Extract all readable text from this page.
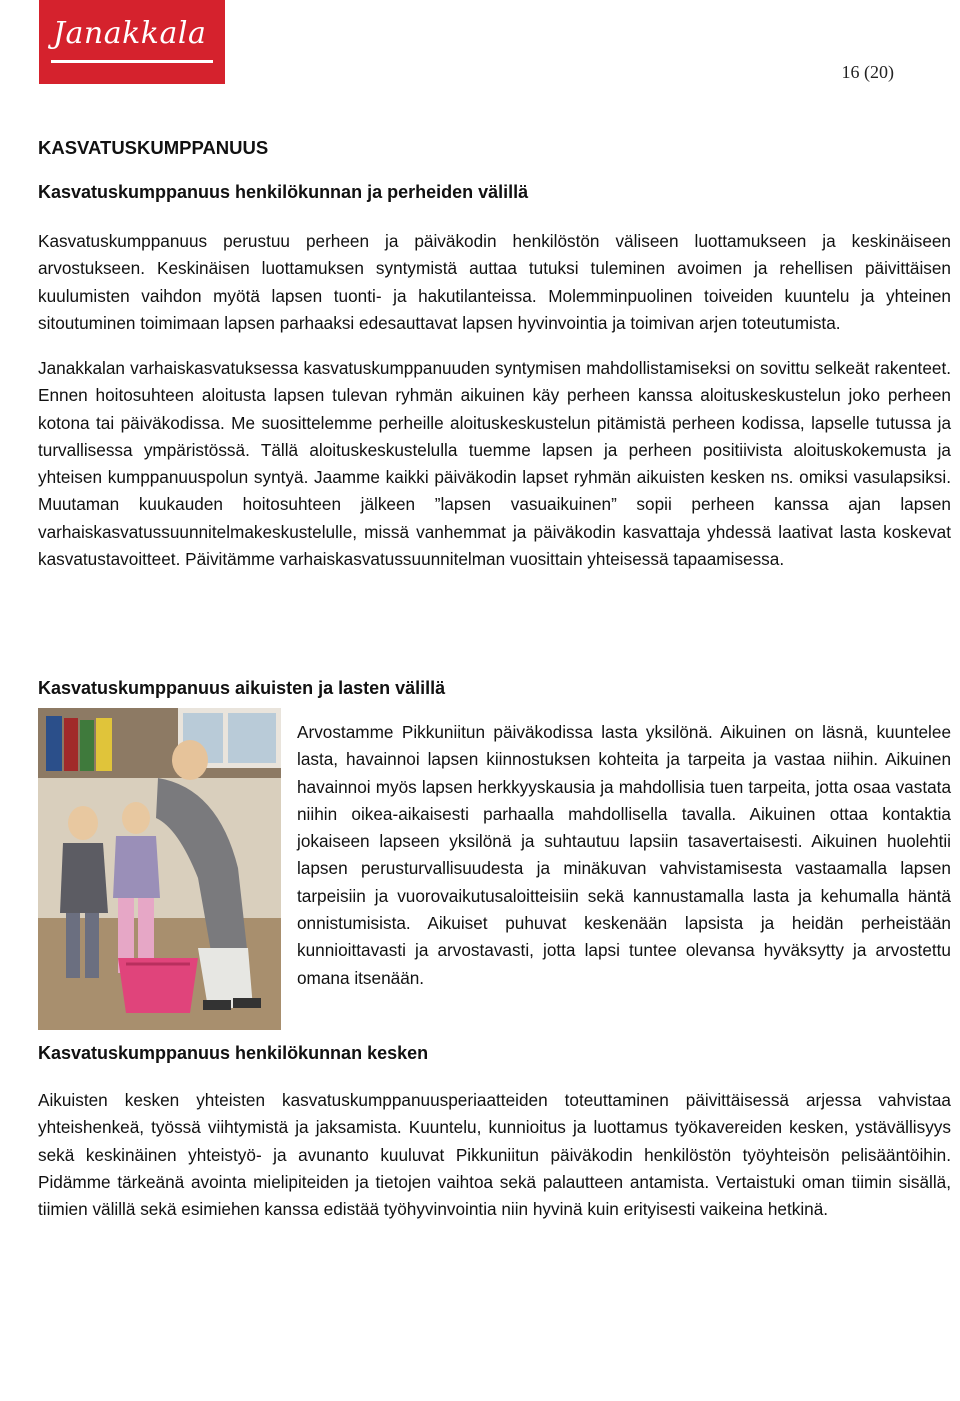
Janakkala
16 (20)
KASVATUSKUMPPANUUS
Kasvatuskumppanuus henkilökunnan ja perheiden välillä

Kasvatuskumppanuus perustuu perheen ja päiväkodin henkilöstön väliseen luottamukseen ja keskinäiseen arvostukseen. Keskinäisen luottamuksen syntymistä auttaa tutuksi tuleminen avoimen ja rehellisen päivittäisen kuulumisten vaihdon myötä lapsen tuonti- ja hakutilanteissa. Molemminpuolinen toiveiden kuuntelu ja yhteinen sitoutuminen toimimaan lapsen parhaaksi edesauttavat lapsen hyvinvointia ja toimivan arjen toteutumista.

Janakkalan varhaiskasvatuksessa kasvatuskumppanuuden syntymisen mahdollistamiseksi on sovittu selkeät rakenteet. Ennen hoitosuhteen aloitusta lapsen tulevan ryhmän aikuinen käy perheen kanssa aloituskeskustelun joko perheen kotona tai päiväkodissa. Me suosittelemme perheille aloituskeskustelun pitämistä perheen kodissa, lapselle tutussa ja turvallisessa ympäristössä. Tällä aloituskeskustelulla tuemme lapsen ja perheen positiivista aloituskokemusta ja yhteisen kumppanuuspolun syntyä. Jaamme kaikki päiväkodin lapset ryhmän aikuisten kesken ns. omiksi vasulapsiksi. Muutaman kuukauden hoitosuhteen jälkeen ”lapsen vasuaikuinen” sopii perheen kanssa ajan lapsen varhaiskasvatussuunnitelmakeskustelulle, missä vanhemmat ja päiväkodin kasvattaja yhdessä laativat lasta koskevat kasvatustavoitteet. Päivitämme varhaiskasvatussuunnitelman vuosittain yhteisessä tapaamisessa.

Kasvatuskumppanuus aikuisten ja lasten välillä

Arvostamme Pikkuniitun päiväkodissa lasta yksilönä. Aikuinen on läsnä, kuuntelee lasta, havainnoi lapsen kiinnostuksen kohteita ja tarpeita ja vastaa niihin. Aikuinen havainnoi myös lapsen herkkyyskausia ja mahdollisia tuen tarpeita, jotta osaa vastata niihin oikea-aikaisesti parhaalla mahdollisella tavalla. Aikuinen ottaa kontaktia jokaiseen lapseen yksilönä ja suhtautuu lapsiin tasavertaisesti. Aikuinen huolehtii lapsen perusturvallisuudesta ja minäkuvan vahvistamisesta vastaamalla lapsen tarpeisiin ja vuorovaikutusaloitteisiin sekä kannustamalla lasta ja kehumalla häntä onnistumisista. Aikuiset puhuvat keskenään lapsista ja heidän perheistään kunnioittavasti ja arvostavasti, jotta lapsi tuntee olevansa hyväksytty ja arvostettu omana itsenään.

Kasvatuskumppanuus henkilökunnan kesken

Aikuisten kesken yhteisten kasvatuskumppanuusperiaatteiden toteuttaminen päivittäisessä arjessa vahvistaa yhteishenkeä, työssä viihtymistä ja jaksamista. Kuuntelu, kunnioitus ja luottamus työkavereiden kesken, ystävällisyys sekä keskinäinen yhteistyö- ja avunanto kuuluvat Pikkuniitun päiväkodin henkilöstön työyhteisön pelisääntöihin. Pidämme tärkeänä avointa mielipiteiden ja tietojen vaihtoa sekä palautteen antamista. Vertaistuki oman tiimin sisällä, tiimien välillä sekä esimiehen kanssa edistää työhyvinvointia niin hyvinä kuin erityisesti vaikeina hetkinä.
